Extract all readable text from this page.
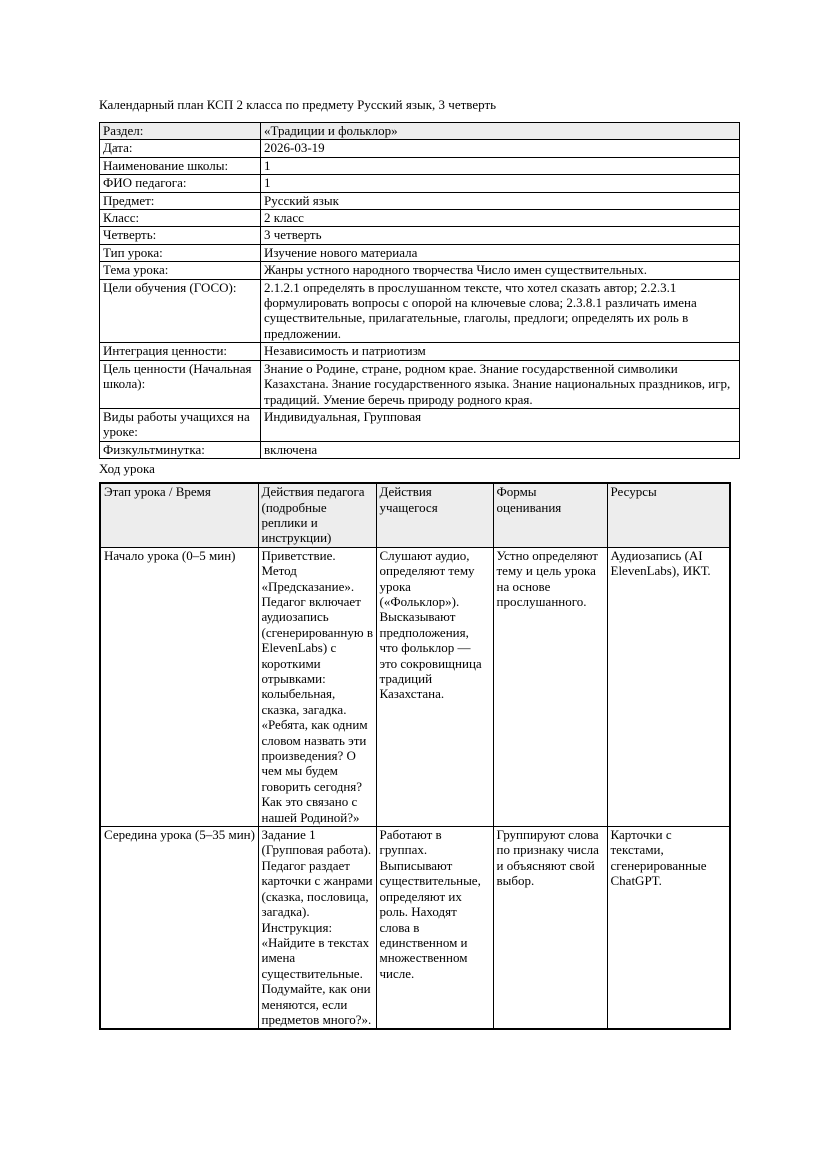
Календарный план КСП 2 класса по предмету Русский язык, 3 четверть

Раздел:	«Традиции и фольклор»
Дата:	2026-03-19
Наименование школы:	1
ФИО педагога:	1
Предмет:	Русский язык
Класс:	2 класс
Четверть:	3 четверть
Тип урока:	Изучение нового материала
Тема урока:	Жанры устного народного творчества Число имен существительных.
Цели обучения (ГОСО):	2.1.2.1 определять в прослушанном тексте, что хотел сказать автор; 2.2.3.1 формулировать вопросы с опорой на ключевые слова; 2.3.8.1 различать имена существительные, прилагательные, глаголы, предлоги; определять их роль в предложении.
Интеграция ценности:	Независимость и патриотизм
Цель ценности (Начальная школа):	Знание о Родине, стране, родном крае. Знание государственной символики Казахстана. Знание государственного языка. Знание национальных праздников, игр, традиций. Умение беречь природу родного края.
Виды работы учащихся на уроке:	Индивидуальная, Групповая
Физкультминутка:	включена

Ход урока

Этап урока / Время	Действия педагога (подробные реплики и инструкции)	Действия учащегося	Формы оценивания	Ресурсы
Начало урока (0–5 мин)	Приветствие. Метод «Предсказание». Педагог включает аудиозапись (сгенерированную в ElevenLabs) с короткими отрывками: колыбельная, сказка, загадка. «Ребята, как одним словом назвать эти произведения? О чем мы будем говорить сегодня? Как это связано с нашей Родиной?»	Слушают аудио, определяют тему урока («Фольклор»). Высказывают предположения, что фольклор — это сокровищница традиций Казахстана.	Устно определяют тему и цель урока на основе прослушанного.	Аудиозапись (AI ElevenLabs), ИКТ.
Середина урока (5–35 мин)	Задание 1 (Групповая работа). Педагог раздает карточки с жанрами (сказка, пословица, загадка). Инструкция: «Найдите в текстах имена существительные. Подумайте, как они меняются, если предметов много?».	Работают в группах. Выписывают существительные, определяют их роль. Находят слова в единственном и множественном числе.	Группируют слова по признаку числа и объясняют свой выбор.	Карточки с текстами, сгенерированные ChatGPT.
